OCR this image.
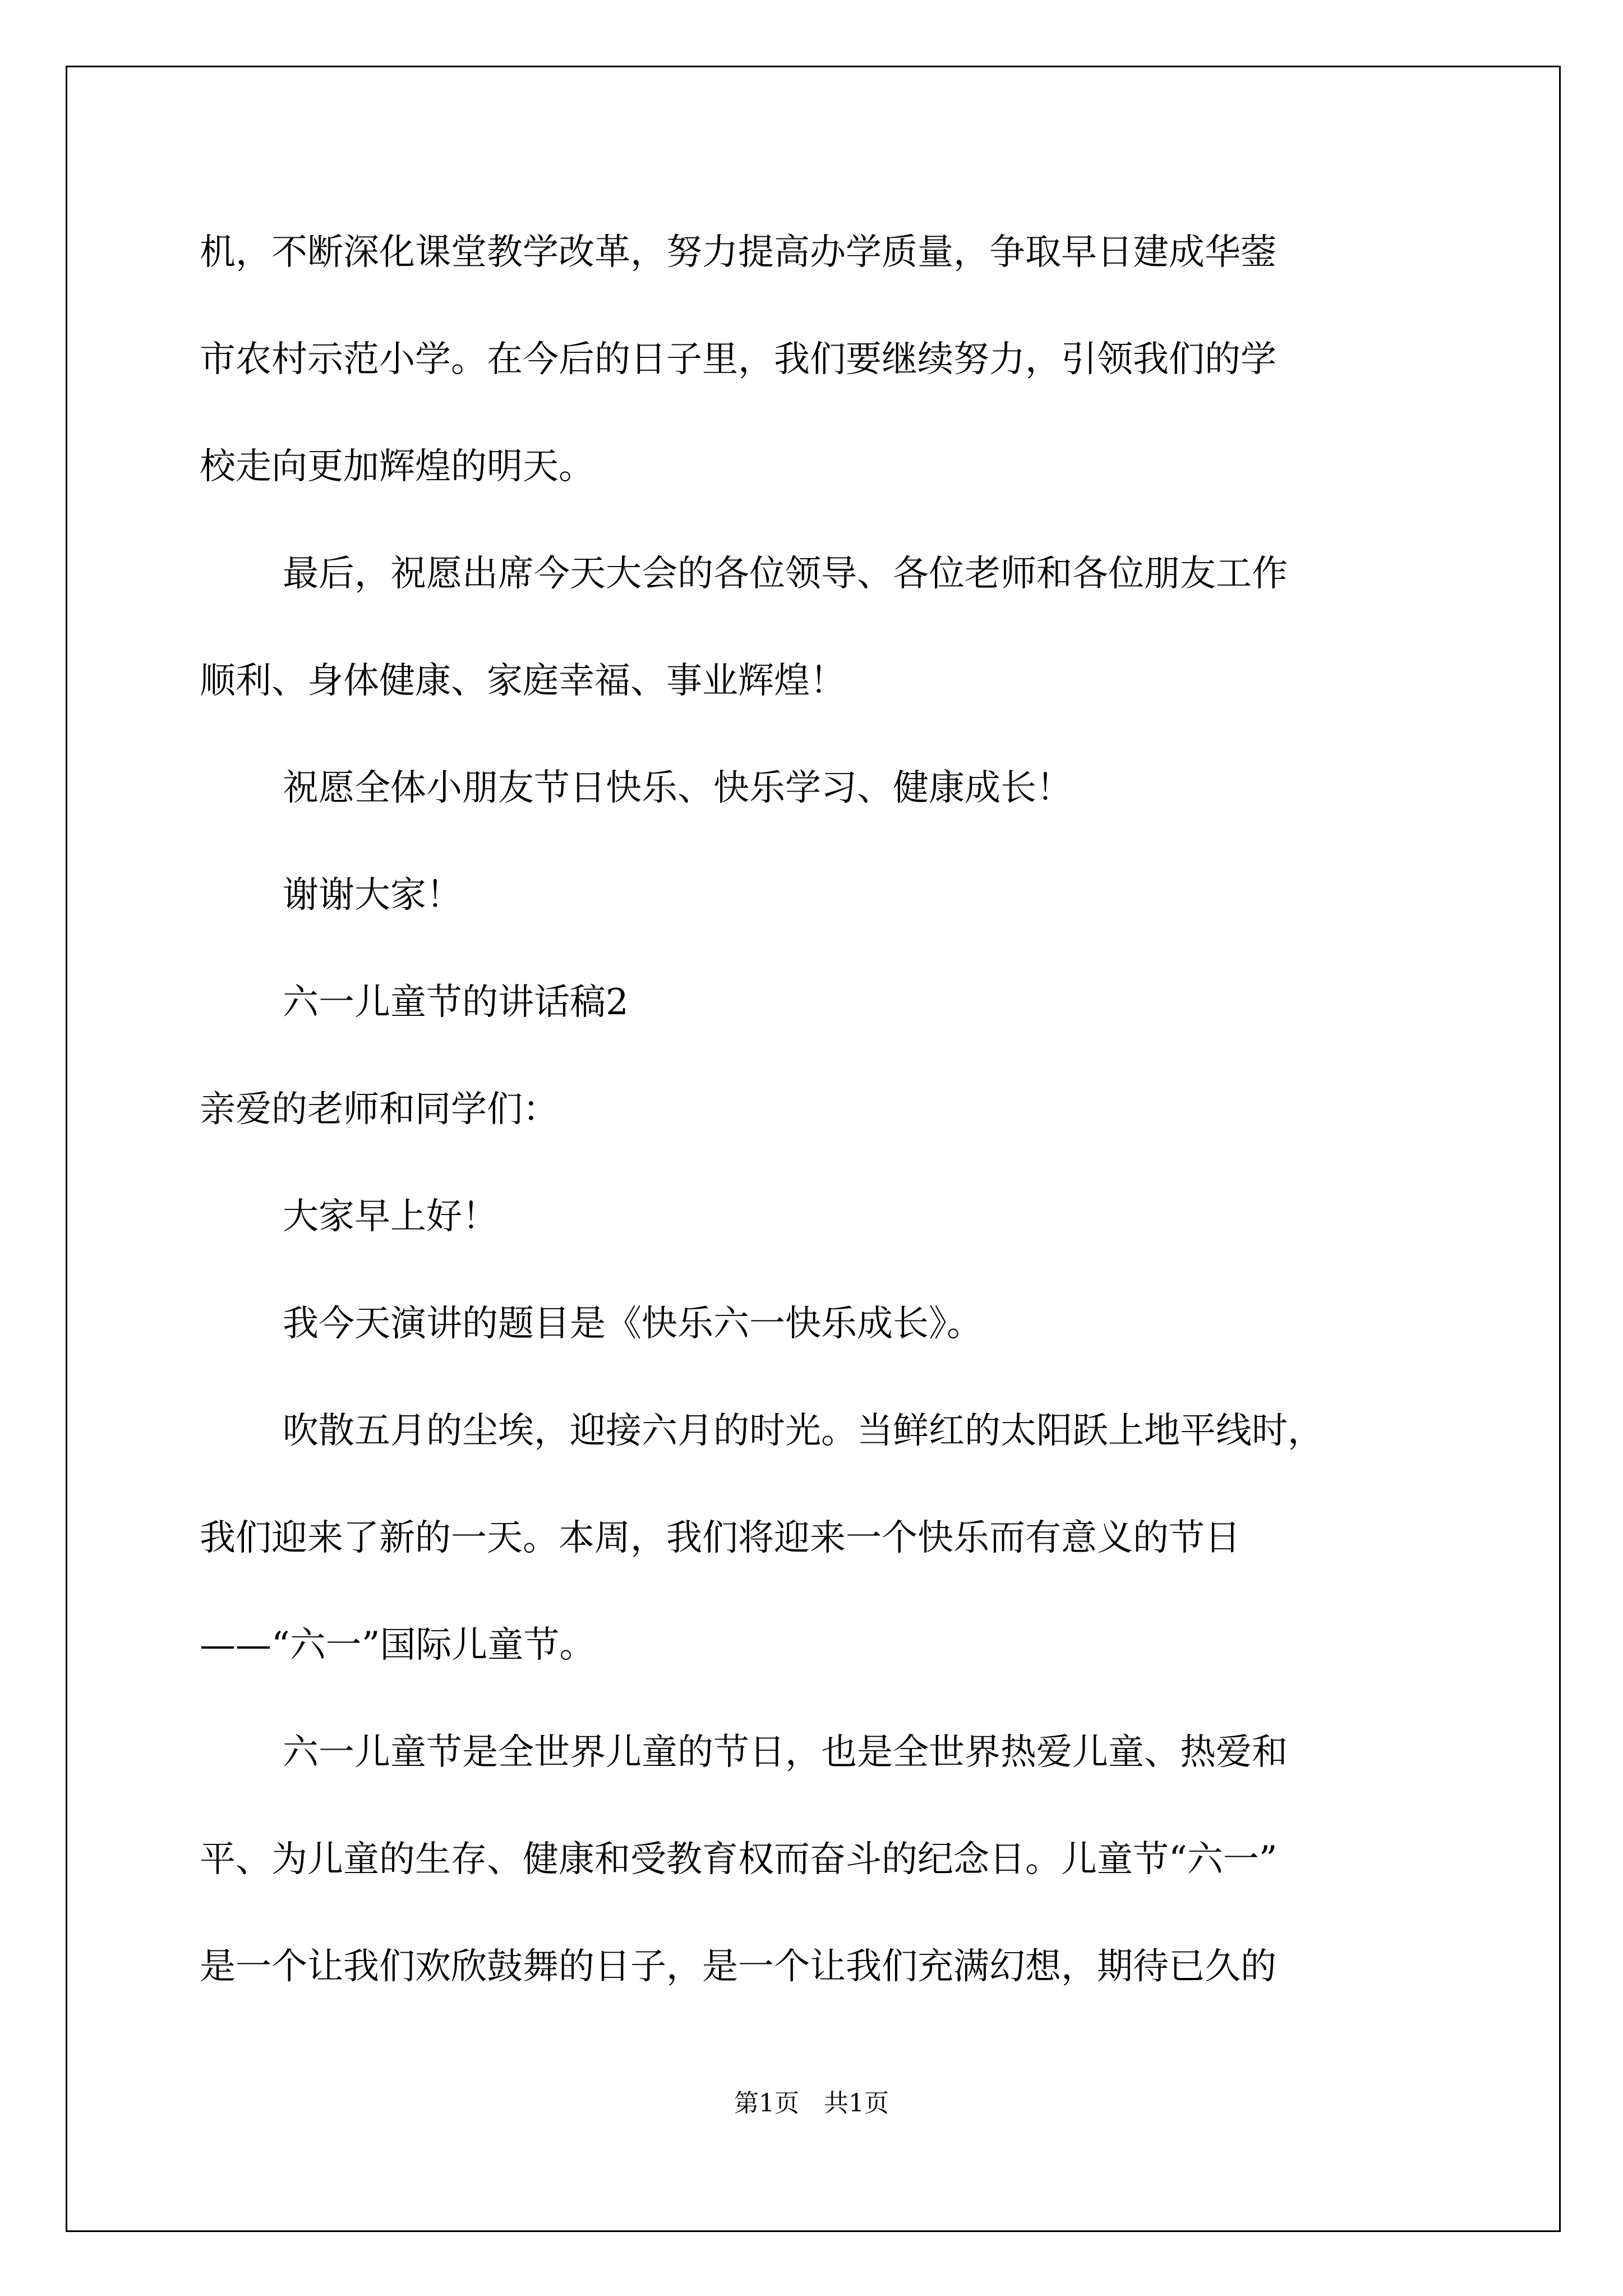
机，不断深化课堂教学改革，努力提高办学质量，争取早日建成华蓥
市农村示范小学。在今后的日子里，我们要继续努力，引领我们的学
校走向更加辉煌的明天。
最后，祝愿出席今天大会的各位领导、各位老师和各位朋友工作
顺利、身体健康、家庭幸福、事业辉煌！
祝愿全体小朋友节日快乐、快乐学习、健康成长！
谢谢大家！
六一儿童节的讲话稿2
亲爱的老师和同学们：
大家早上好！
我今天演讲的题目是《快乐六一快乐成长》。
吹散五月的尘埃，迎接六月的时光。当鲜红的太阳跃上地平线时，
我们迎来了新的一天。本周，我们将迎来一个快乐而有意义的节日
——“六一”国际儿童节。
六一儿童节是全世界儿童的节日，也是全世界热爱儿童、热爱和
平、为儿童的生存、健康和受教育权而奋斗的纪念日。儿童节“六一”
是一个让我们欢欣鼓舞的日子，是一个让我们充满幻想，期待已久的
第1页　共1页
